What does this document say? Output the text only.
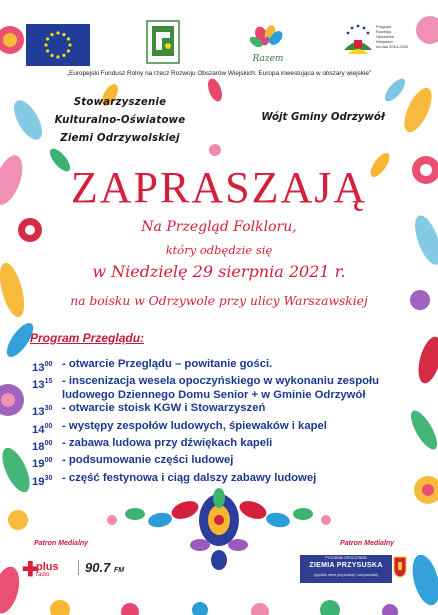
Razem
Program
Rozwoju
Obszarów
Wiejskich
na lata 2014-2020
„Europejski Fundusz Rolny na rzecz Rozwoju Obszarów Wiejskich: Europa inwestująca w obszary wiejskie”
Stowarzyszenie
Kulturalno-Oświatowe
Ziemi Odrzywolskiej
Wójt Gminy Odrzywół
ZAPRASZAJĄ
Na Przegląd Folkloru,
który odbędzie się
w Niedzielę 29 sierpnia 2021 r.
na boisku w Odrzywole przy ulicy Warszawskiej
Program Przeglądu:
$13^{00}$ - otwarcie Przeglądu – powitanie gości.
$13^{15}$ - inscenizacja wesela opoczyńskiego w wykonaniu zespołu ludowego Dziennego Domu Senior + w Gminie Odrzywół
$13^{30}$ - otwarcie stoisk KGW i Stowarzyszeń
$14^{00}$ - występy zespołów ludowych, śpiewaków i kapel
$18^{00}$ - zabawa ludowa przy dźwiękach kapeli
$19^{00}$ - podsumowanie części ludowej
$19^{30}$ - część festynowa i ciąg dalszy zabawy ludowej
Patron Medialny	Patron Medialny
✚
plus
radio	90.7 FM
TYGODNIK OPOCZYŃSKI
ZIEMIA PRZYSUSKA
tygodnik ziemi przysuskiej i odrzywolskiej
